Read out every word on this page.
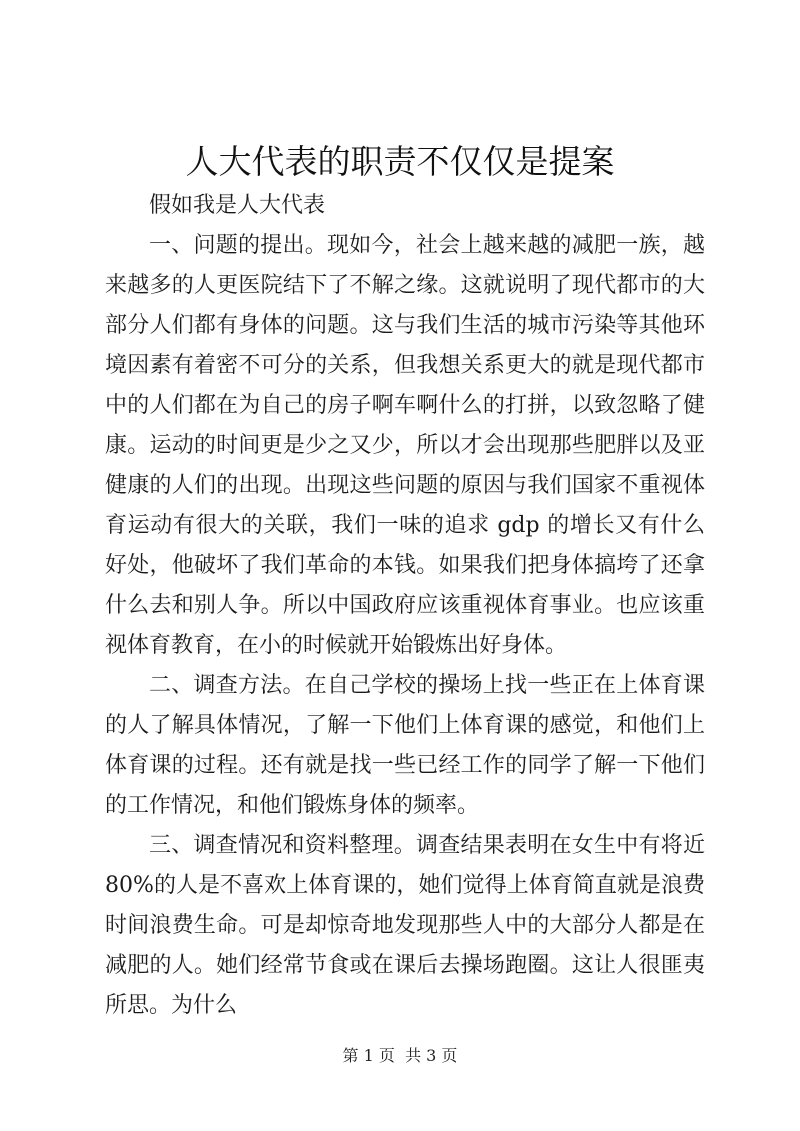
人大代表的职责不仅仅是提案

假如我是人大代表

一、问题的提出。现如今，社会上越来越的减肥一族，越来越多的人更医院结下了不解之缘。这就说明了现代都市的大部分人们都有身体的问题。这与我们生活的城市污染等其他环境因素有着密不可分的关系，但我想关系更大的就是现代都市中的人们都在为自己的房子啊车啊什么的打拼，以致忽略了健康。运动的时间更是少之又少，所以才会出现那些肥胖以及亚健康的人们的出现。出现这些问题的原因与我们国家不重视体育运动有很大的关联，我们一味的追求 gdp 的增长又有什么好处，他破坏了我们革命的本钱。如果我们把身体搞垮了还拿什么去和别人争。所以中国政府应该重视体育事业。也应该重视体育教育，在小的时候就开始锻炼出好身体。

二、调查方法。在自己学校的操场上找一些正在上体育课的人了解具体情况，了解一下他们上体育课的感觉，和他们上体育课的过程。还有就是找一些已经工作的同学了解一下他们的工作情况，和他们锻炼身体的频率。

三、调查情况和资料整理。调查结果表明在女生中有将近80%的人是不喜欢上体育课的，她们觉得上体育简直就是浪费时间浪费生命。可是却惊奇地发现那些人中的大部分人都是在减肥的人。她们经常节食或在课后去操场跑圈。这让人很匪夷所思。为什么

第 1 页 共 3 页
